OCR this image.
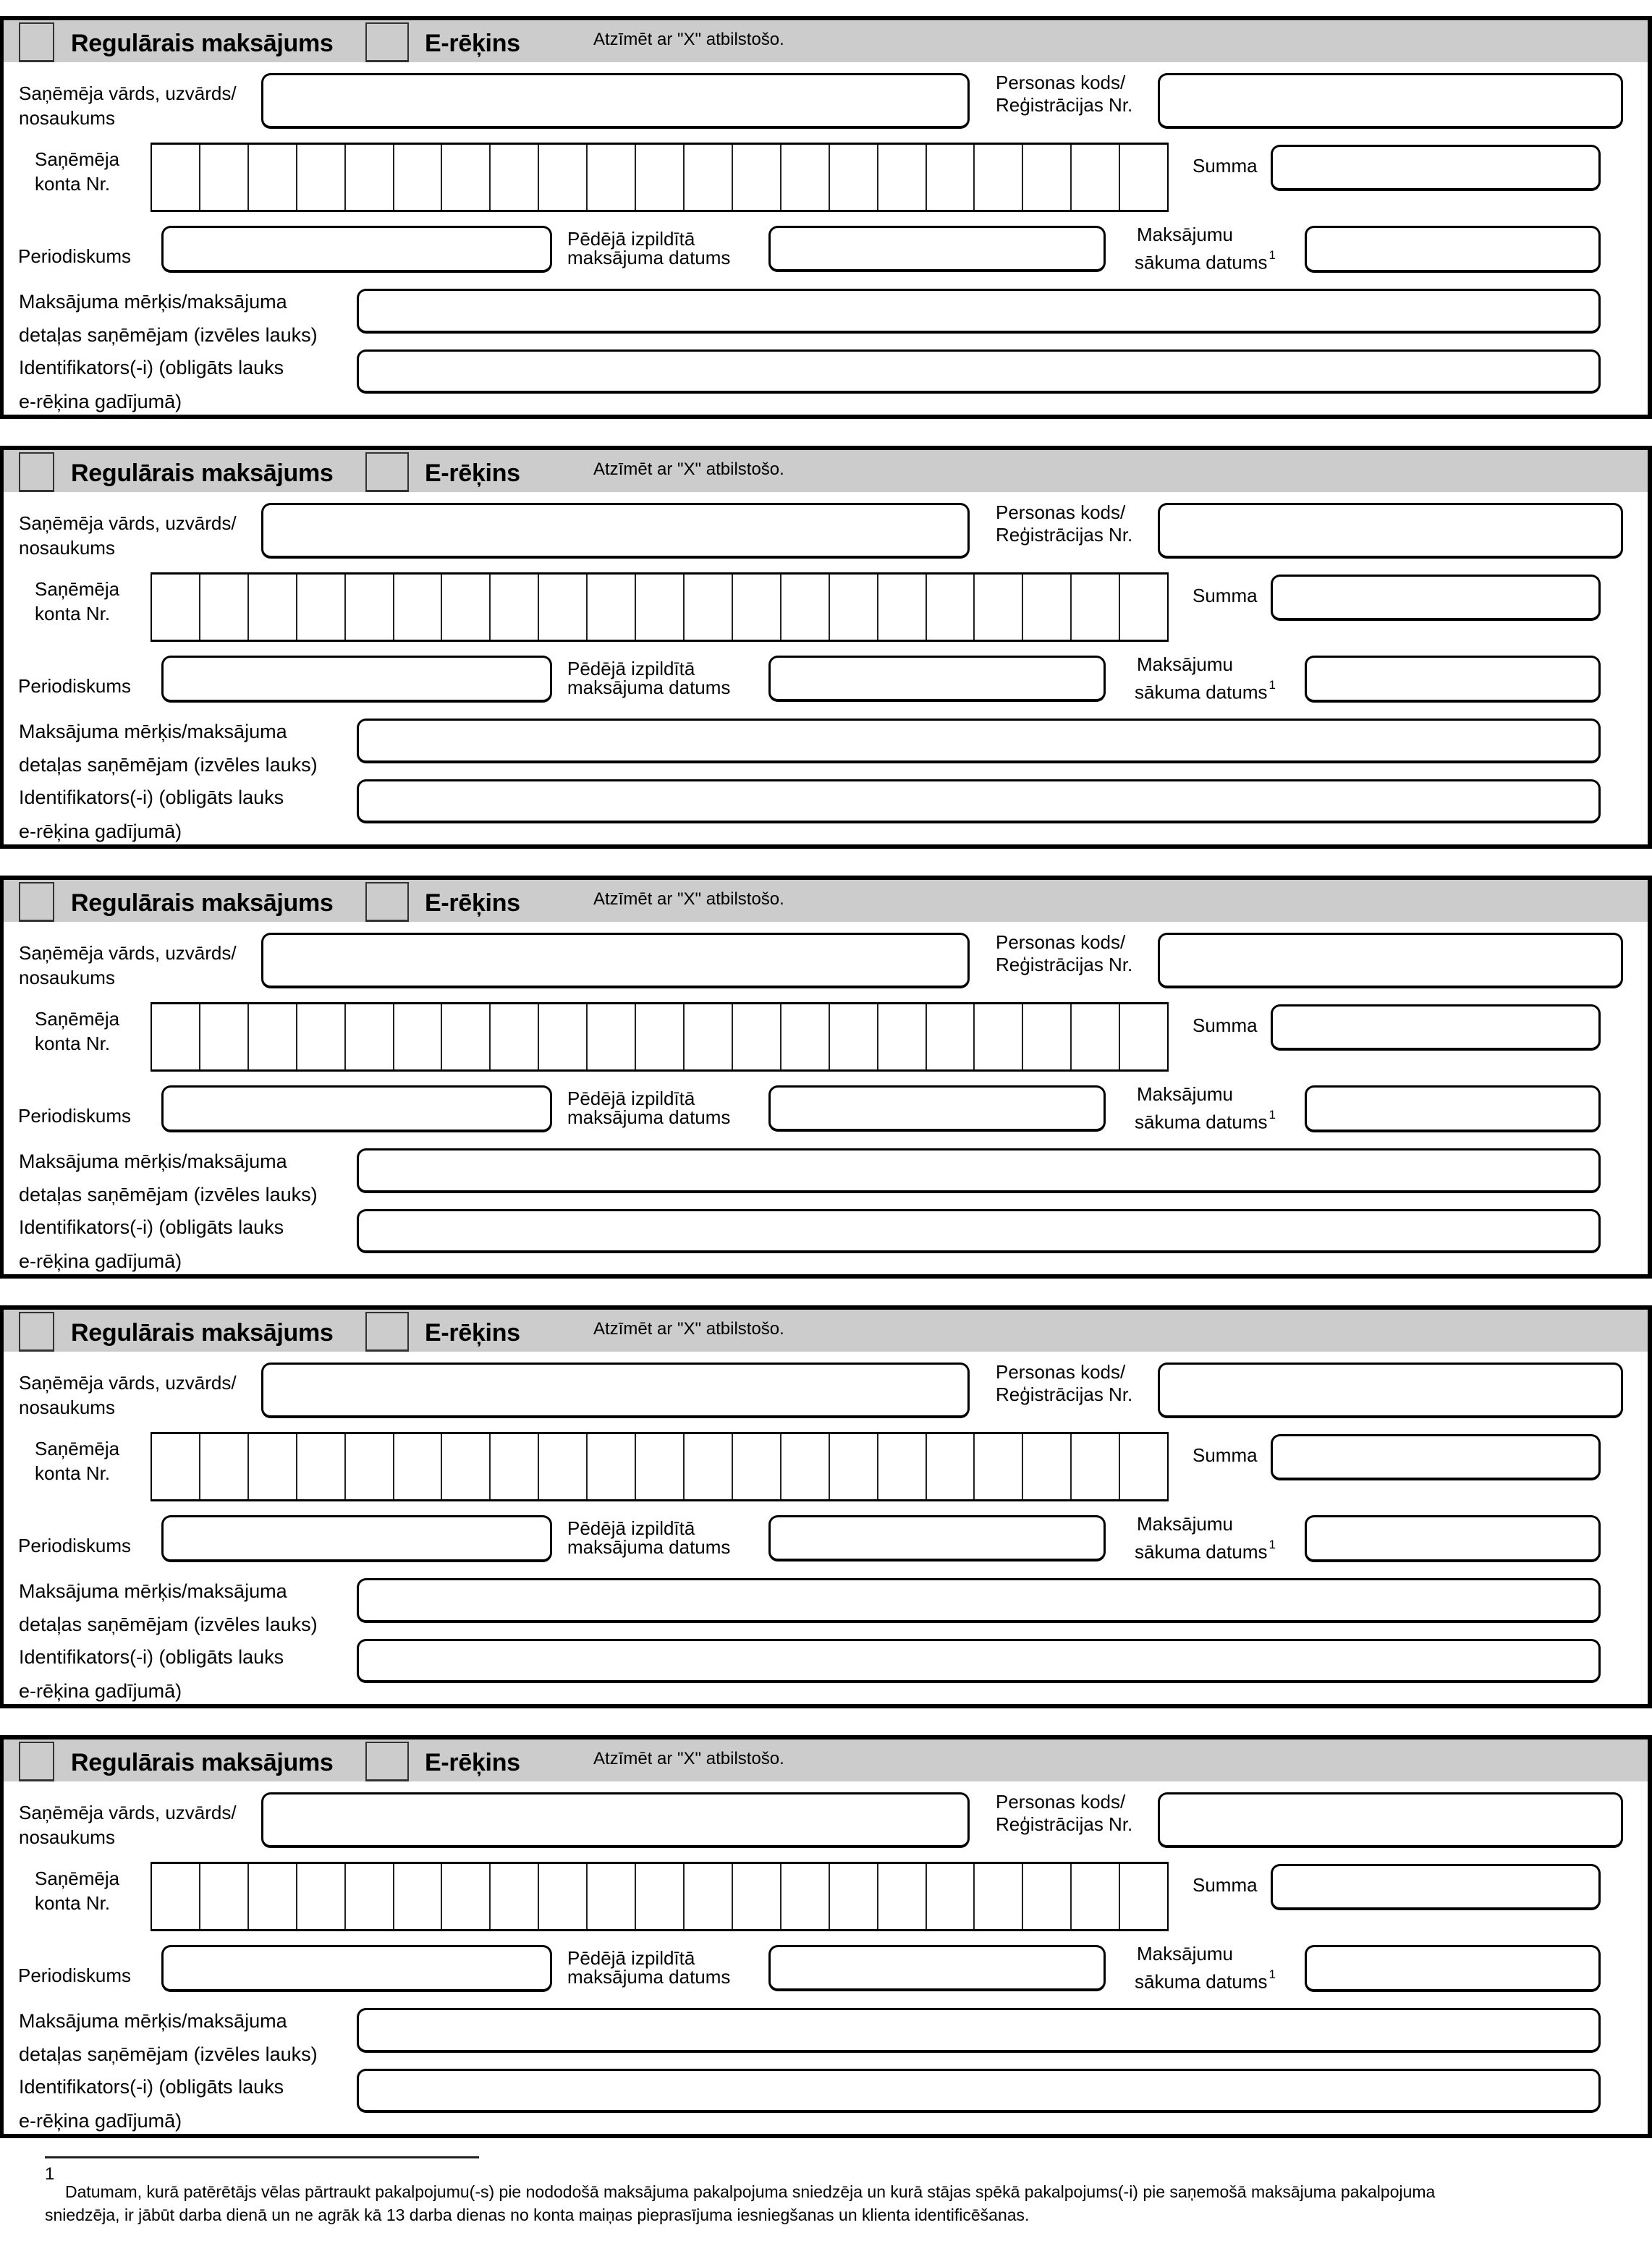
Regulārais maksājums	E-rēķins	Atzīmēt ar "X" atbilstošo.
Saņēmēja vārds, uzvārds/
nosaukums
Personas kods/
Reģistrācijas Nr.
Saņēmēja
konta Nr.
Summa
Periodiskums
Pēdējā izpildītā
maksājuma datums
Maksājumu
sākuma datums $^1$
Maksājuma mērķis/maksājuma
detaļas saņēmējam (izvēles lauks)
Identifikators(-i) (obligāts lauks
e-rēķina gadījumā)
Regulārais maksājums	E-rēķins	Atzīmēt ar "X" atbilstošo.
Saņēmēja vārds, uzvārds/
nosaukums
Personas kods/
Reģistrācijas Nr.
Saņēmēja
konta Nr.
Summa
Periodiskums
Pēdējā izpildītā
maksājuma datums
Maksājumu
sākuma datums $^1$
Maksājuma mērķis/maksājuma
detaļas saņēmējam (izvēles lauks)
Identifikators(-i) (obligāts lauks
e-rēķina gadījumā)
Regulārais maksājums	E-rēķins	Atzīmēt ar "X" atbilstošo.
Saņēmēja vārds, uzvārds/
nosaukums
Personas kods/
Reģistrācijas Nr.
Saņēmēja
konta Nr.
Summa
Periodiskums
Pēdējā izpildītā
maksājuma datums
Maksājumu
sākuma datums $^1$
Maksājuma mērķis/maksājuma
detaļas saņēmējam (izvēles lauks)
Identifikators(-i) (obligāts lauks
e-rēķina gadījumā)
Regulārais maksājums	E-rēķins	Atzīmēt ar "X" atbilstošo.
Saņēmēja vārds, uzvārds/
nosaukums
Personas kods/
Reģistrācijas Nr.
Saņēmēja
konta Nr.
Summa
Periodiskums
Pēdējā izpildītā
maksājuma datums
Maksājumu
sākuma datums $^1$
Maksājuma mērķis/maksājuma
detaļas saņēmējam (izvēles lauks)
Identifikators(-i) (obligāts lauks
e-rēķina gadījumā)
Regulārais maksājums	E-rēķins	Atzīmēt ar "X" atbilstošo.
Saņēmēja vārds, uzvārds/
nosaukums
Personas kods/
Reģistrācijas Nr.
Saņēmēja
konta Nr.
Summa
Periodiskums
Pēdējā izpildītā
maksājuma datums
Maksājumu
sākuma datums $^1$
Maksājuma mērķis/maksājuma
detaļas saņēmējam (izvēles lauks)
Identifikators(-i) (obligāts lauks
e-rēķina gadījumā)
1
Datumam, kurā patērētājs vēlas pārtraukt pakalpojumu(-s) pie nododošā maksājuma pakalpojuma sniedzēja un kurā stājas spēkā pakalpojums(-i) pie saņemošā maksājuma pakalpojuma
sniedzēja, ir jābūt darba dienā un ne agrāk kā 13 darba dienas no konta maiņas pieprasījuma iesniegšanas un klienta identificēšanas.
